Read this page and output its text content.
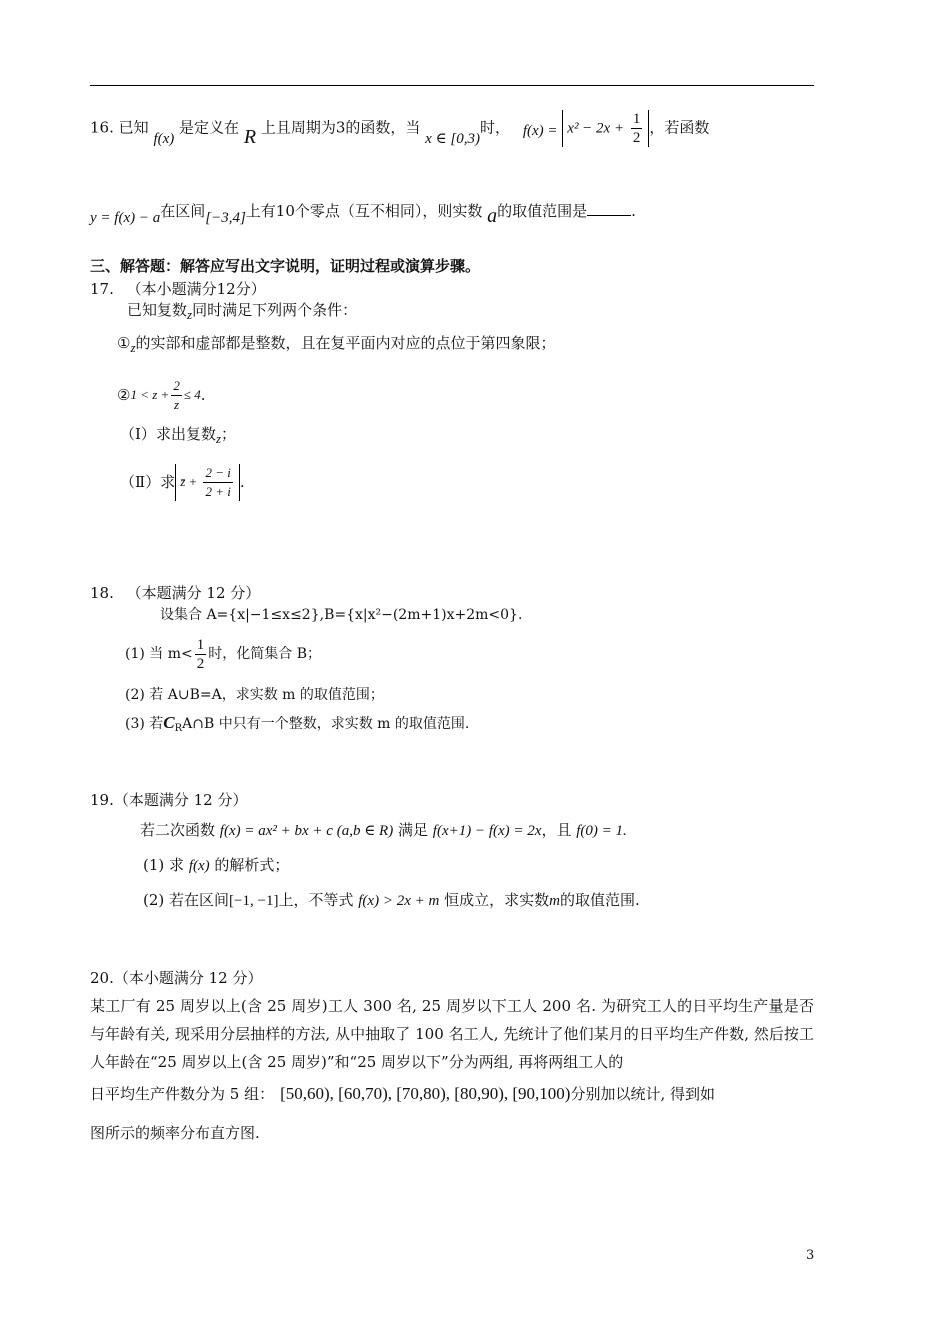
16. 已知 f(x) 是定义在 R 上且周期为3的函数，当 x ∈ [0,3)时， $f(x) = x^2 - 2x + \frac{1}{2}$ ，若函数
y = f(x) − a在区间[−3,4]上有10个零点（互不相同），则实数 a的取值范围是	.
三、解答题：解答应写出文字说明，证明过程或演算步骤。
17. （本小题满分12分）
已知复数z同时满足下列两个条件：
①z的实部和虚部都是整数，且在复平面内对应的点位于第四象限；
② $1 < z + \frac{2}{z} \le 4$ .
（Ⅰ）求出复数z；
（Ⅱ） 求 z̄ + $\frac{2 - i}{2 + i}$ .
18. （本题满分 12 分）
设集合 A={x|−1≤x≤2},B={x|x²−(2m+1)x+2m<0}.
(1) 当 $m< \frac{1}{2}$ 时，化简集合 B；
(2) 若 A∪B=A，求实数 m 的取值范围；
(3) 若$C_RA\cap B$ 中只有一个整数，求实数 m 的取值范围.
19.（本题满分 12 分）
若二次函数 f(x) = ax² + bx + c (a,b ∈ R) 满足 f(x+1) − f(x) = 2x，且 f(0) = 1.
(1) 求 f(x) 的解析式；
(2) 若在区间[−1, −1]上，不等式 f(x) > 2x + m 恒成立，求实数m的取值范围.
20.（本小题满分 12 分）
某工厂有 25 周岁以上(含 25 周岁)工人 300 名, 25 周岁以下工人 200 名. 为研究工人的日平均生产量是否与年龄有关, 现采用分层抽样的方法, 从中抽取了 100 名工人, 先统计了他们某月的日平均生产件数, 然后按工人年龄在“25 周岁以上(含 25 周岁)”和“25 周岁以下”分为两组, 再将两组工人的
日平均生产件数分为 5 组： [50,60), [60,70), [70,80), [80,90), [90,100) 分别加以统计, 得到如
图所示的频率分布直方图.
3
